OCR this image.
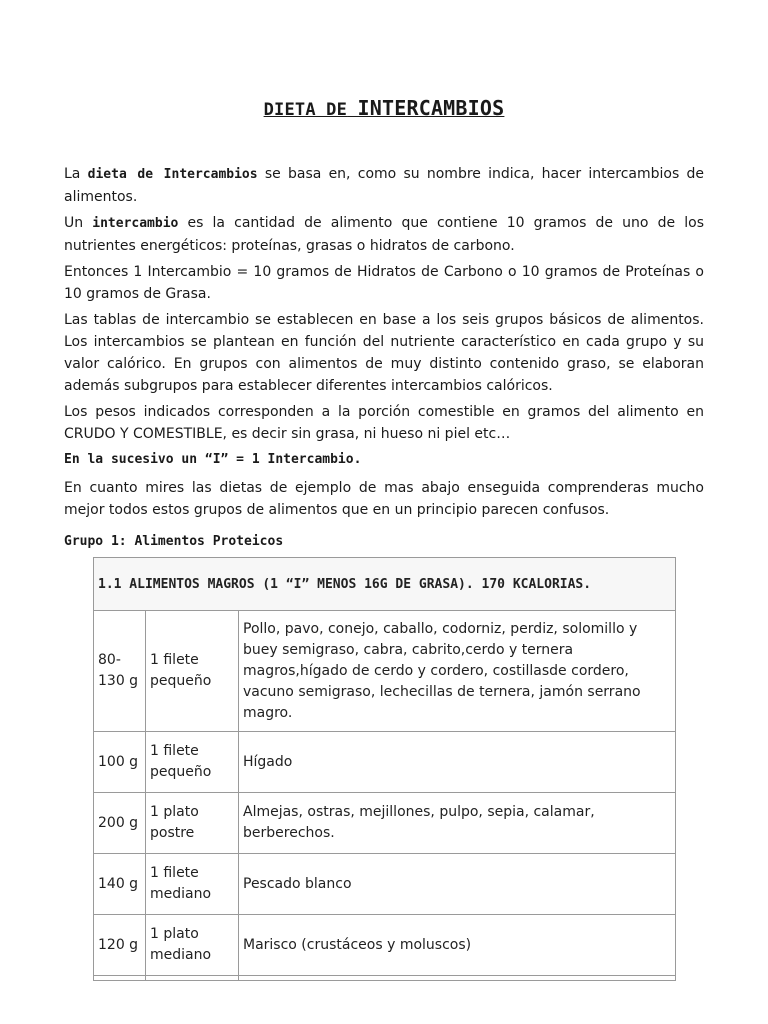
DIETA DE INTERCAMBIOS

La dieta de Intercambios se basa en, como su nombre indica, hacer intercambios de alimentos.

Un intercambio es la cantidad de alimento que contiene 10 gramos de uno de los nutrientes energéticos: proteínas, grasas o hidratos de carbono.

Entonces 1 Intercambio = 10 gramos de Hidratos de Carbono o 10 gramos de Proteínas o 10 gramos de Grasa.

Las tablas de intercambio se establecen en base a los seis grupos básicos de alimentos. Los intercambios se plantean en función del nutriente característico en cada grupo y su valor calórico. En grupos con alimentos de muy distinto contenido graso, se elaboran además subgrupos para establecer diferentes intercambios calóricos.

Los pesos indicados corresponden a la porción comestible en gramos del alimento en CRUDO Y COMESTIBLE, es decir sin grasa, ni hueso ni piel etc…

En la sucesivo un “I” = 1 Intercambio.

En cuanto mires las dietas de ejemplo de mas abajo enseguida comprenderas mucho mejor todos estos grupos de alimentos que en un principio parecen confusos.

Grupo 1: Alimentos Proteicos
1.1 ALIMENTOS MAGROS (1 “I” MENOS 16G DE GRASA). 170 KCALORIAS.		
80-130 g	1 filete pequeño	Pollo, pavo, conejo, caballo, codorniz, perdiz, solomillo y buey semigraso, cabra, cabrito,cerdo y ternera magros,hígado de cerdo y cordero, costillasde cordero, vacuno semigraso, lechecillas de ternera, jamón serrano magro.
100 g	1 filete pequeño	Hígado
200 g	1 plato postre	Almejas, ostras, mejillones, pulpo, sepia, calamar, berberechos.
140 g	1 filete mediano	Pescado blanco
120 g	1 plato mediano	Marisco (crustáceos y moluscos)
